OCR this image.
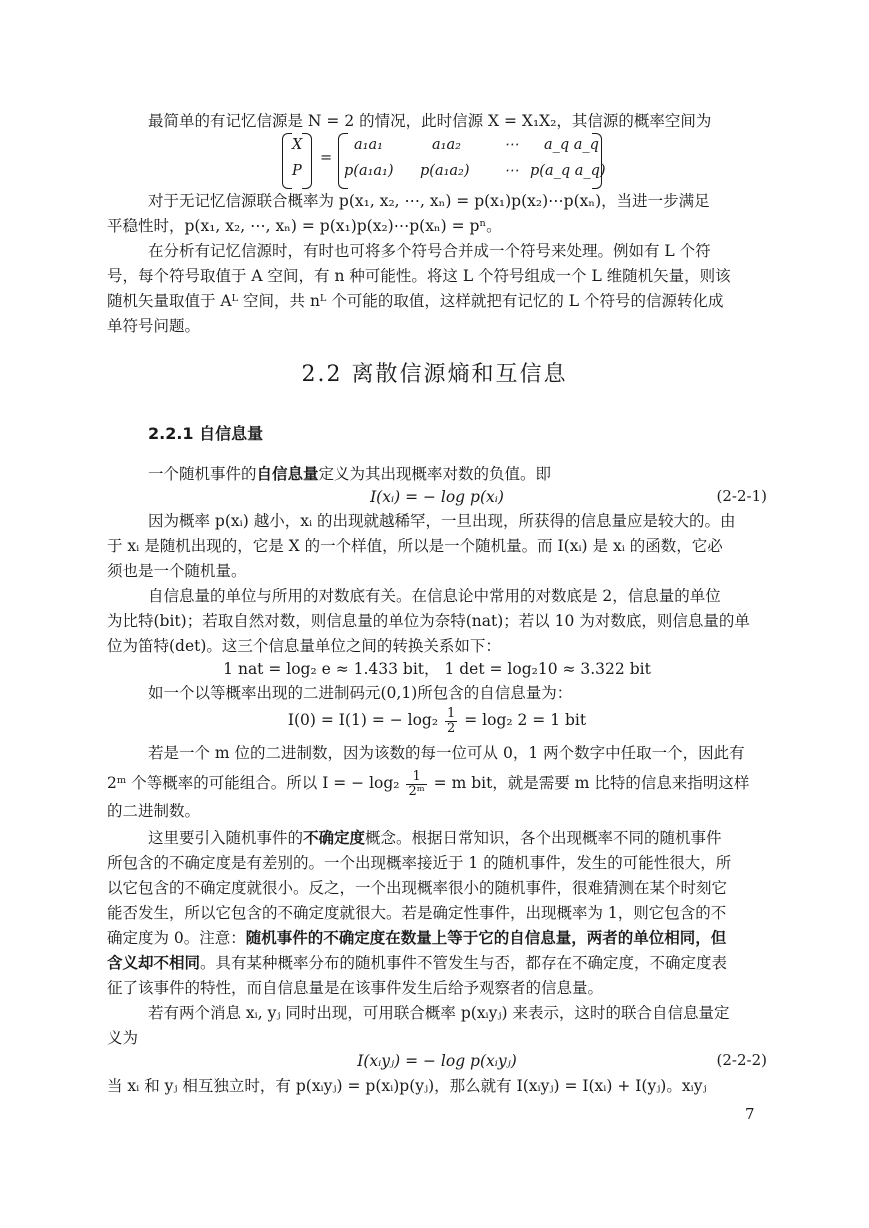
最简单的有记忆信源是 N = 2 的情况，此时信源 X = X₁X₂，其信源的概率空间为
X
P
=
a₁a₁	a₁a₂	⋯ a_q a_q
p(a₁a₁) p(a₁a₂) ⋯ p(a_q a_q)
对于无记忆信源联合概率为 p(x₁, x₂, ⋯, xₙ) = p(x₁)p(x₂)⋯p(xₙ)，当进一步满足
平稳性时，p(x₁, x₂, ⋯, xₙ) = p(x₁)p(x₂)⋯p(xₙ) = pⁿ。
在分析有记忆信源时，有时也可将多个符号合并成一个符号来处理。例如有 L 个符
号，每个符号取值于 A 空间，有 n 种可能性。将这 L 个符号组成一个 L 维随机矢量，则该
随机矢量取值于 Aᴸ 空间，共 nᴸ 个可能的取值，这样就把有记忆的 L 个符号的信源转化成
单符号问题。
2.2 离散信源熵和互信息
2.2.1 自信息量
一个随机事件的自信息量定义为其出现概率对数的负值。即
I(xᵢ) = − log p(xᵢ)	(2-2-1)
因为概率 p(xᵢ) 越小，xᵢ 的出现就越稀罕，一旦出现，所获得的信息量应是较大的。由
于 xᵢ 是随机出现的，它是 X 的一个样值，所以是一个随机量。而 I(xᵢ) 是 xᵢ 的函数，它必
须也是一个随机量。
自信息量的单位与所用的对数底有关。在信息论中常用的对数底是 2，信息量的单位
为比特(bit)；若取自然对数，则信息量的单位为奈特(nat)；若以 10 为对数底，则信息量的单
位为笛特(det)。这三个信息量单位之间的转换关系如下：
1 nat = log₂ e ≈ 1.433 bit， 1 det = log₂10 ≈ 3.322 bit
如一个以等概率出现的二进制码元(0,1)所包含的自信息量为：
I(0) = I(1) = − $\log_2 \frac{1}{2} = \log_2$ 2 = 1 bit
若是一个 m 位的二进制数，因为该数的每一位可从 0，1 两个数字中任取一个，因此有
2ᵐ 个等概率的可能组合。所以 I = − $\log_2 \frac{1}{\text{2ᵐ}} = m$ bit，就是需要 m 比特的信息来指明这样
的二进制数。
这里要引入随机事件的不确定度概念。根据日常知识，各个出现概率不同的随机事件
所包含的不确定度是有差别的。一个出现概率接近于 1 的随机事件，发生的可能性很大，所
以它包含的不确定度就很小。反之，一个出现概率很小的随机事件，很难猜测在某个时刻它
能否发生，所以它包含的不确定度就很大。若是确定性事件，出现概率为 1，则它包含的不
确定度为 0。注意：随机事件的不确定度在数量上等于它的自信息量，两者的单位相同，但
含义却不相同。具有某种概率分布的随机事件不管发生与否，都存在不确定度，不确定度表
征了该事件的特性，而自信息量是在该事件发生后给予观察者的信息量。
若有两个消息 xᵢ, yⱼ 同时出现，可用联合概率 p(xᵢyⱼ) 来表示，这时的联合自信息量定
义为
I(xᵢyⱼ) = − log p(xᵢyⱼ)	(2-2-2)
当 xᵢ 和 yⱼ 相互独立时，有 p(xᵢyⱼ) = p(xᵢ)p(yⱼ)，那么就有 I(xᵢyⱼ) = I(xᵢ) + I(yⱼ)。xᵢyⱼ
7
